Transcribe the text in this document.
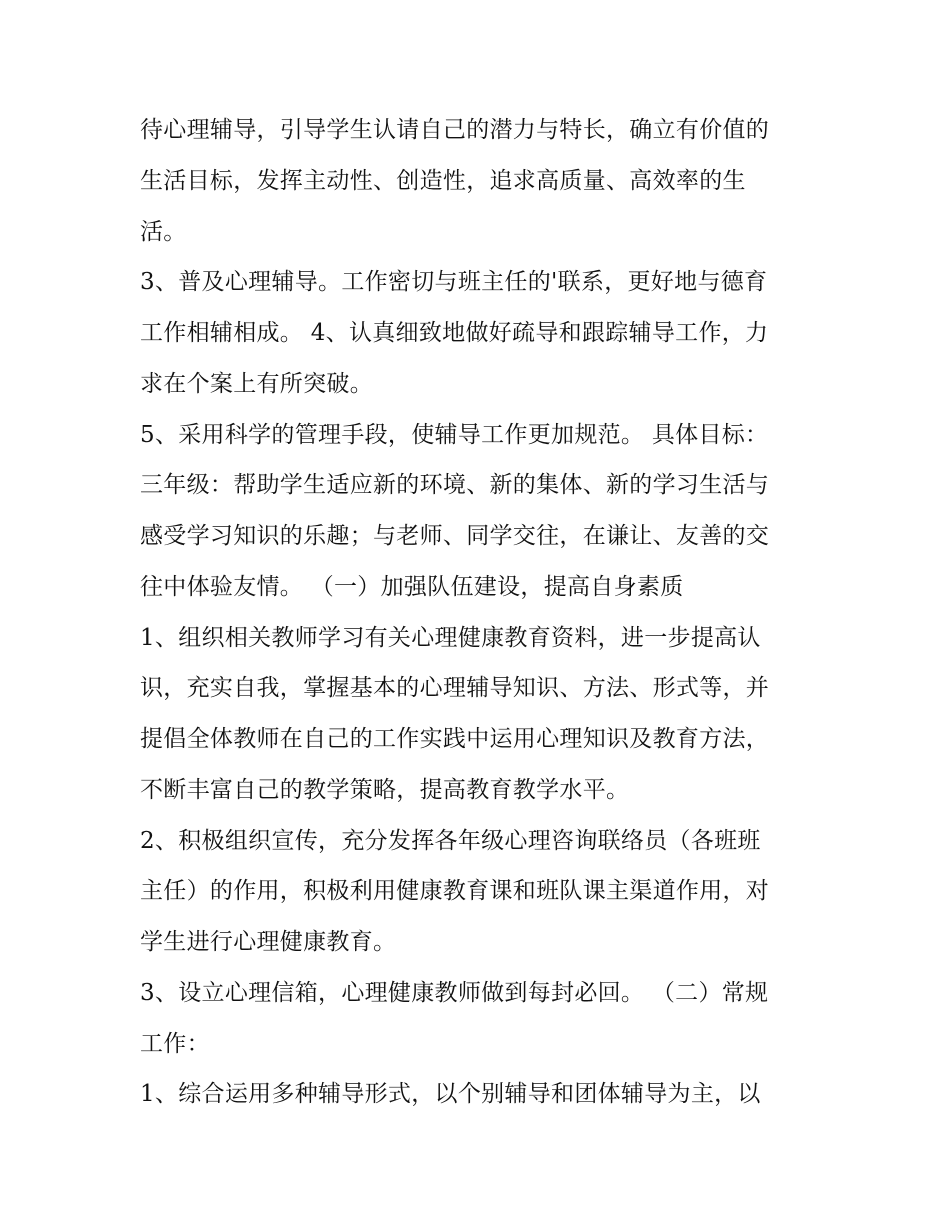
待心理辅导，引导学生认请自己的潜力与特长，确立有价值的
生活目标，发挥主动性、创造性，追求高质量、高效率的生
活。
3、普及心理辅导。工作密切与班主任的'联系，更好地与德育
工作相辅相成。 4、认真细致地做好疏导和跟踪辅导工作，力
求在个案上有所突破。
5、采用科学的管理手段，使辅导工作更加规范。 具体目标：
三年级：帮助学生适应新的环境、新的集体、新的学习生活与
感受学习知识的乐趣；与老师、同学交往，在谦让、友善的交
往中体验友情。 （一）加强队伍建设，提高自身素质
1、组织相关教师学习有关心理健康教育资料，进一步提高认
识，充实自我，掌握基本的心理辅导知识、方法、形式等，并
提倡全体教师在自己的工作实践中运用心理知识及教育方法，
不断丰富自己的教学策略，提高教育教学水平。
2、积极组织宣传，充分发挥各年级心理咨询联络员（各班班
主任）的作用，积极利用健康教育课和班队课主渠道作用，对
学生进行心理健康教育。
3、设立心理信箱，心理健康教师做到每封必回。 （二）常规
工作：
1、综合运用多种辅导形式，以个别辅导和团体辅导为主，以
